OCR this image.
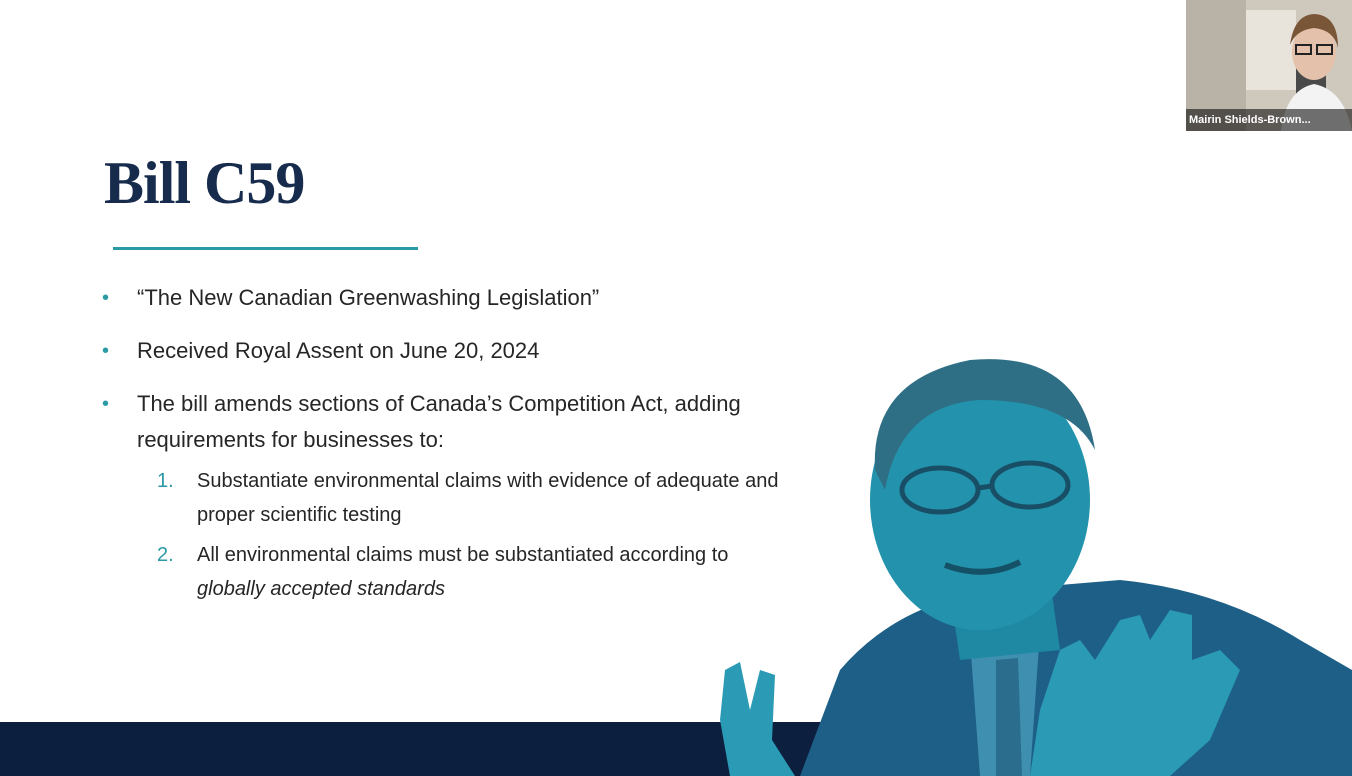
Bill C59
• “The New Canadian Greenwashing Legislation”
• Received Royal Assent on June 20, 2024
• The bill amends sections of Canada’s Competition Act, adding requirements for businesses to:
1. Substantiate environmental claims with evidence of adequate and proper scientific testing
2. All environmental claims must be substantiated according to globally accepted standards
Mairin Shields-Brown...
